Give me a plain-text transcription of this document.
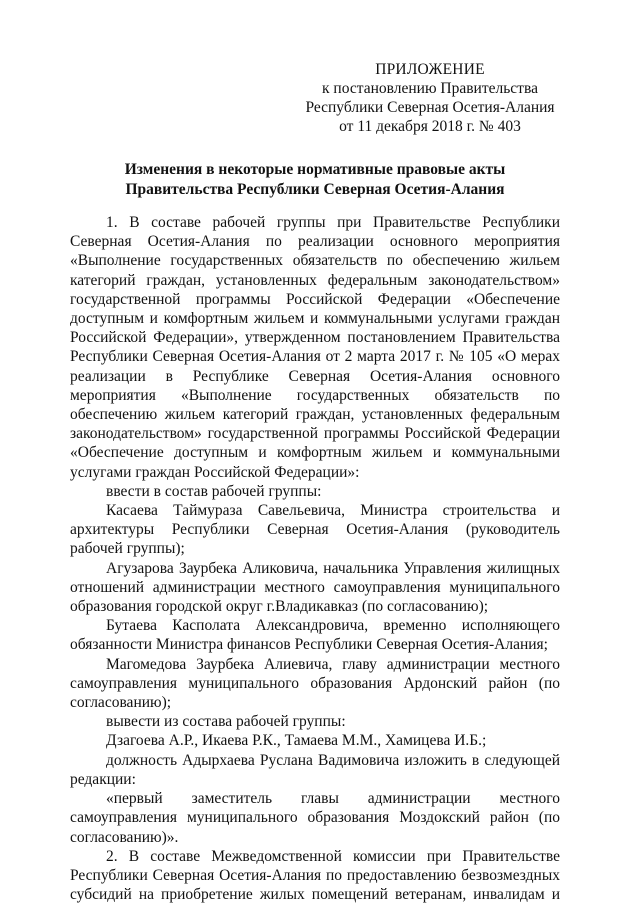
ПРИЛОЖЕНИЕ
к постановлению Правительства
Республики Северная Осетия-Алания
от 11 декабря 2018 г. № 403
Изменения в некоторые нормативные правовые акты
Правительства Республики Северная Осетия-Алания

1. В составе рабочей группы при Правительстве Республики Северная Осетия-Алания по реализации основного мероприятия «Выполнение государственных обязательств по обеспечению жильем категорий граждан, установленных федеральным законодательством» государственной программы Российской Федерации «Обеспечение доступным и комфортным жильем и коммунальными услугами граждан Российской Федерации», утвержденном постановлением Правительства Республики Северная Осетия-Алания от 2 марта 2017 г. № 105 «О мерах реализации в Республике Северная Осетия-Алания основного мероприятия «Выполнение государственных обязательств по обеспечению жильем категорий граждан, установленных федеральным законодательством» государственной программы Российской Федерации «Обеспечение доступным и комфортным жильем и коммунальными услугами граждан Российской Федерации»:

ввести в состав рабочей группы:

Касаева Таймураза Савельевича, Министра строительства и архитектуры Республики Северная Осетия-Алания (руководитель рабочей группы);

Агузарова Заурбека Аликовича, начальника Управления жилищных отношений администрации местного самоуправления муниципального образования городской округ г.Владикавказ (по согласованию);

Бутаева Касполата Александровича, временно исполняющего обязанности Министра финансов Республики Северная Осетия-Алания;

Магомедова Заурбека Алиевича, главу администрации местного самоуправления муниципального образования Ардонский район (по согласованию);

вывести из состава рабочей группы:

Дзагоева А.Р., Икаева Р.К., Тамаева М.М., Хамицева И.Б.;

должность Адырхаева Руслана Вадимовича изложить в следующей редакции:

«первый заместитель главы администрации местного самоуправления муниципального образования Моздокский район (по согласованию)».

2. В составе Межведомственной комиссии при Правительстве Республики Северная Осетия-Алания по предоставлению безвозмездных субсидий на приобретение жилых помещений ветеранам, инвалидам и
